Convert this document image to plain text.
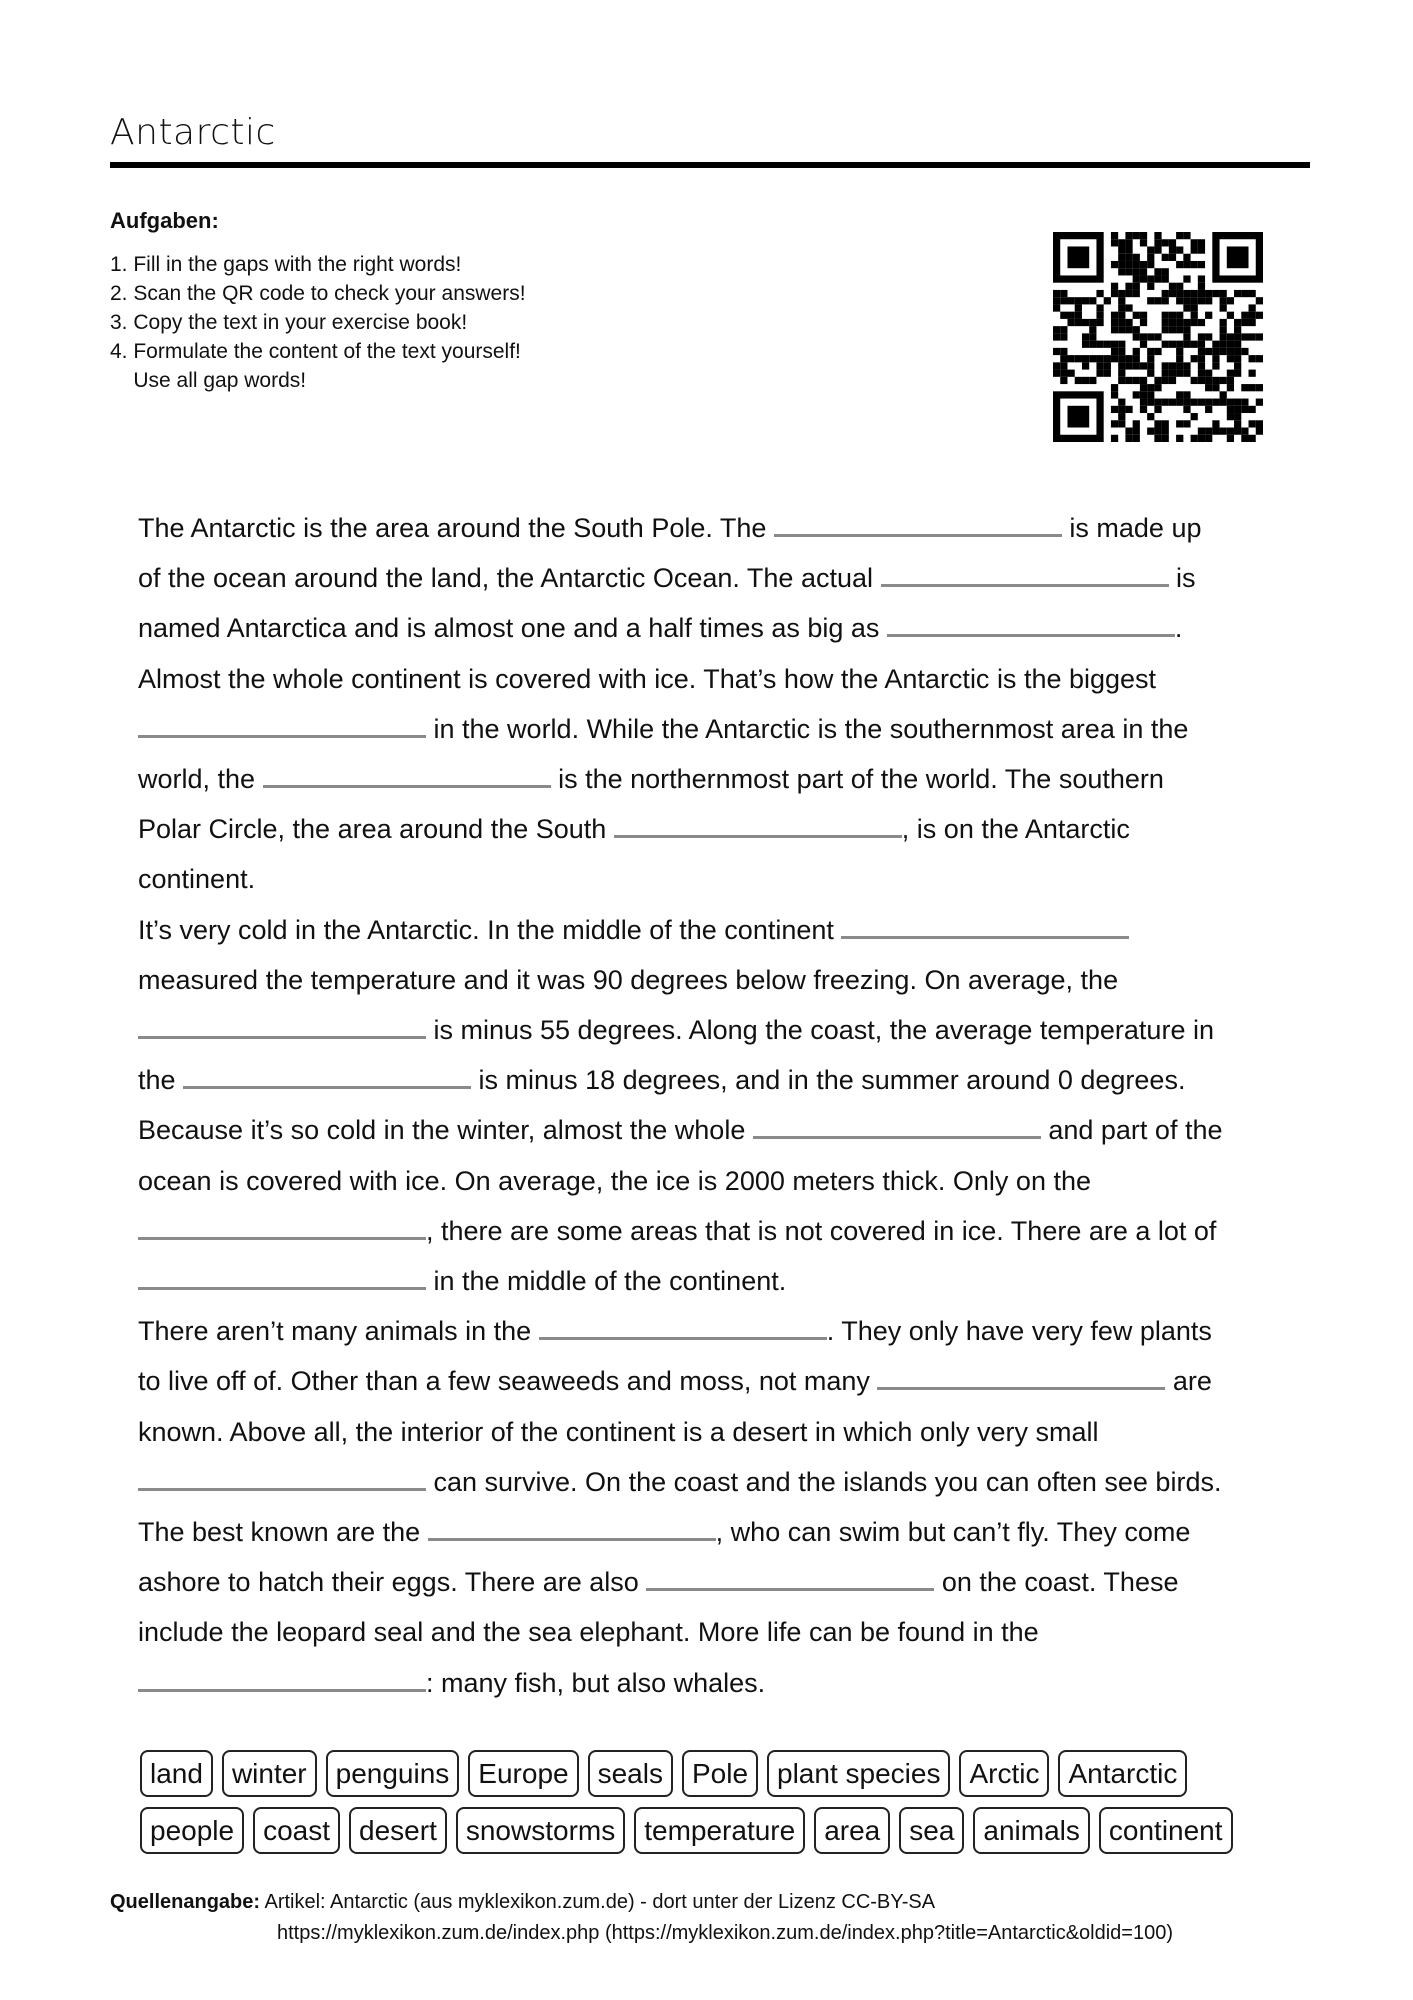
Antarctic
Aufgaben:
1. Fill in the gaps with the right words!
2. Scan the QR code to check your answers!
3. Copy the text in your exercise book!
4. Formulate the content of the text yourself!
Use all gap words!
The Antarctic is the area around the South Pole. The	is made up
of the ocean around the land, the Antarctic Ocean. The actual	is
named Antarctica and is almost one and a half times as big as	.
Almost the whole continent is covered with ice. That’s how the Antarctic is the biggest
in the world. While the Antarctic is the southernmost area in the
world, the	is the northernmost part of the world. The southern
Polar Circle, the area around the South	, is on the Antarctic
continent.
It’s very cold in the Antarctic. In the middle of the continent
measured the temperature and it was 90 degrees below freezing. On average, the
is minus 55 degrees. Along the coast, the average temperature in
the	is minus 18 degrees, and in the summer around 0 degrees.
Because it’s so cold in the winter, almost the whole	and part of the
ocean is covered with ice. On average, the ice is 2000 meters thick. Only on the
, there are some areas that is not covered in ice. There are a lot of
in the middle of the continent.
There aren’t many animals in the	. They only have very few plants
to live off of. Other than a few seaweeds and moss, not many	are
known. Above all, the interior of the continent is a desert in which only very small
can survive. On the coast and the islands you can often see birds.
The best known are the	, who can swim but can’t fly. They come
ashore to hatch their eggs. There are also	on the coast. These
include the leopard seal and the sea elephant. More life can be found in the
: many fish, but also whales.
land	winter	penguins	Europe	seals	Pole	plant species	Arctic	Antarctic
people	coast	desert	snowstorms	temperature	area	sea	animals	continent
Quellenangabe: Artikel: Antarctic (aus myklexikon.zum.de) - dort unter der Lizenz CC-BY-SA
https://myklexikon.zum.de/index.php (https://myklexikon.zum.de/index.php?title=Antarctic&oldid=100)
